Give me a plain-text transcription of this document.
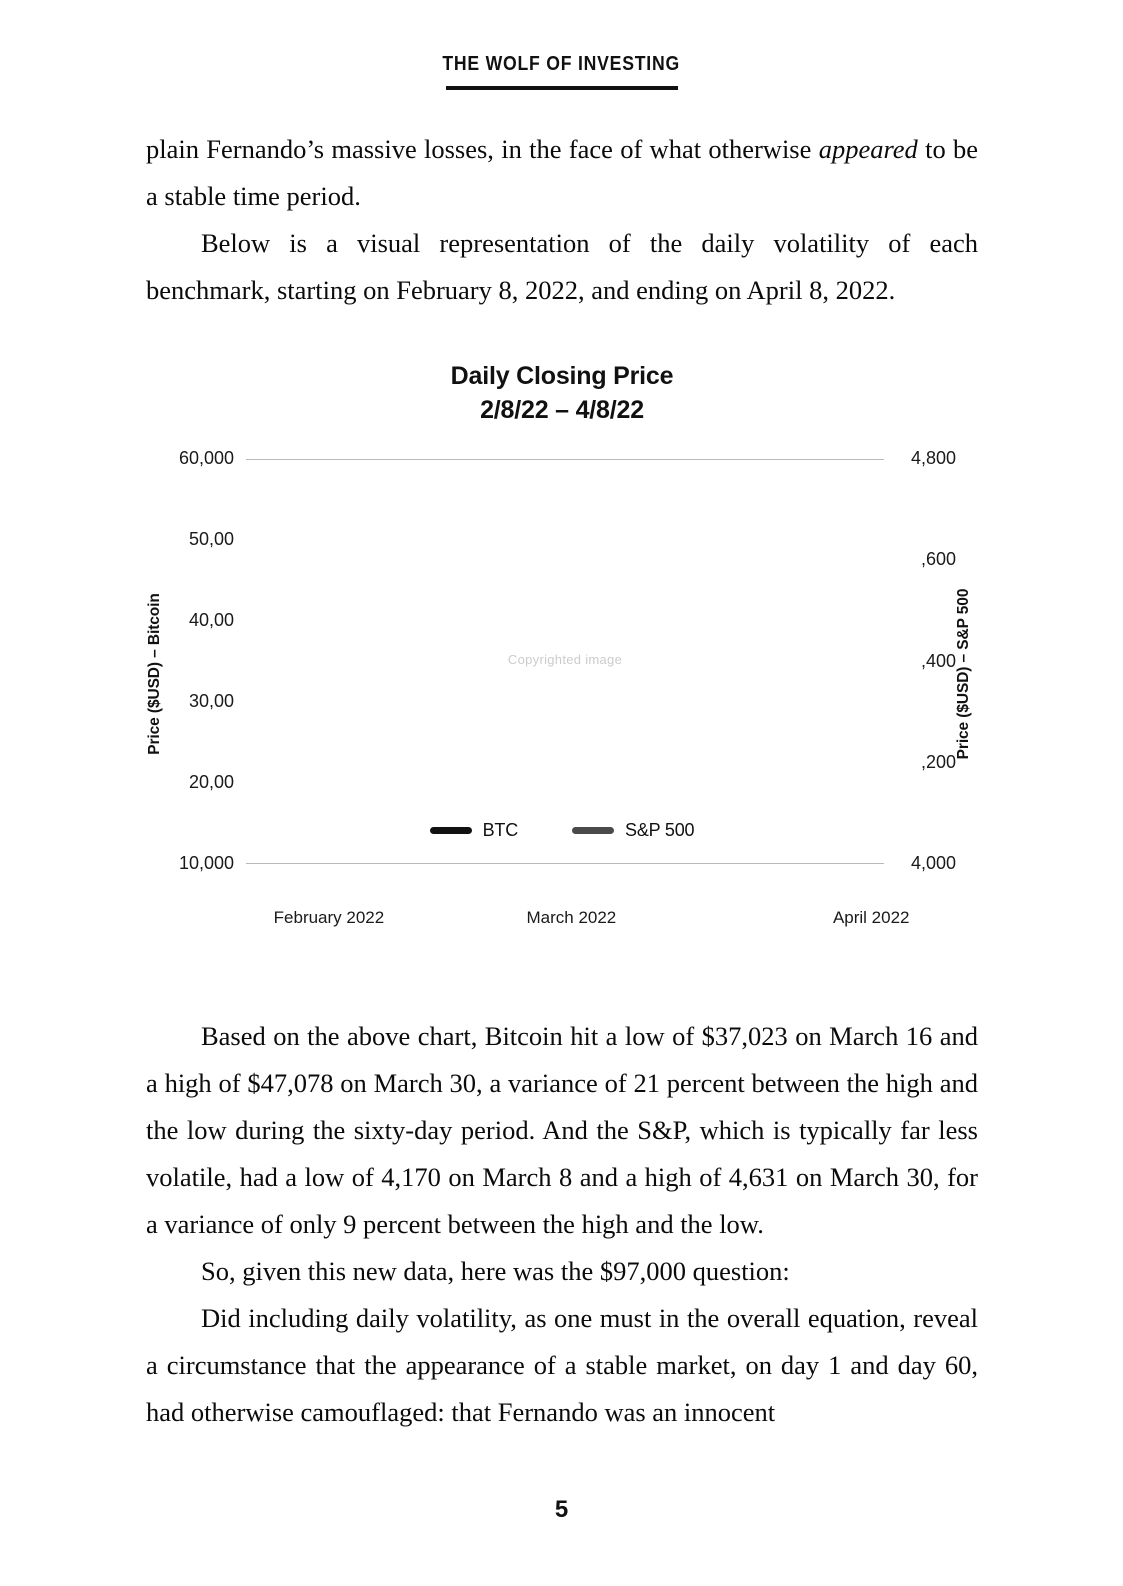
THE WOLF OF INVESTING

plain Fernando’s massive losses, in the face of what otherwise appeared to be a stable time period.

Below is a visual representation of the daily volatility of each benchmark, starting on February 8, 2022, and ending on April 8, 2022.

Daily Closing Price
2/8/22 – 4/8/22
Price ($USD) – Bitcoin	Price ($USD) – S&P 500
60,000
50,00
40,00
30,00
20,00
10,000
4,800
,600
,400
,200
4,000
Copyrighted image
BTC	S&P 500
February 2022	March 2022	April 2022

Based on the above chart, Bitcoin hit a low of $37,023 on March 16 and a high of $47,078 on March 30, a variance of 21 percent between the high and the low during the sixty-day period. And the S&P, which is typically far less volatile, had a low of 4,170 on March 8 and a high of 4,631 on March 30, for a variance of only 9 percent between the high and the low.

So, given this new data, here was the $97,000 question:

Did including daily volatility, as one must in the overall equation, reveal a circumstance that the appearance of a stable market, on day 1 and day 60, had otherwise camouflaged: that Fernando was an innocent

5
